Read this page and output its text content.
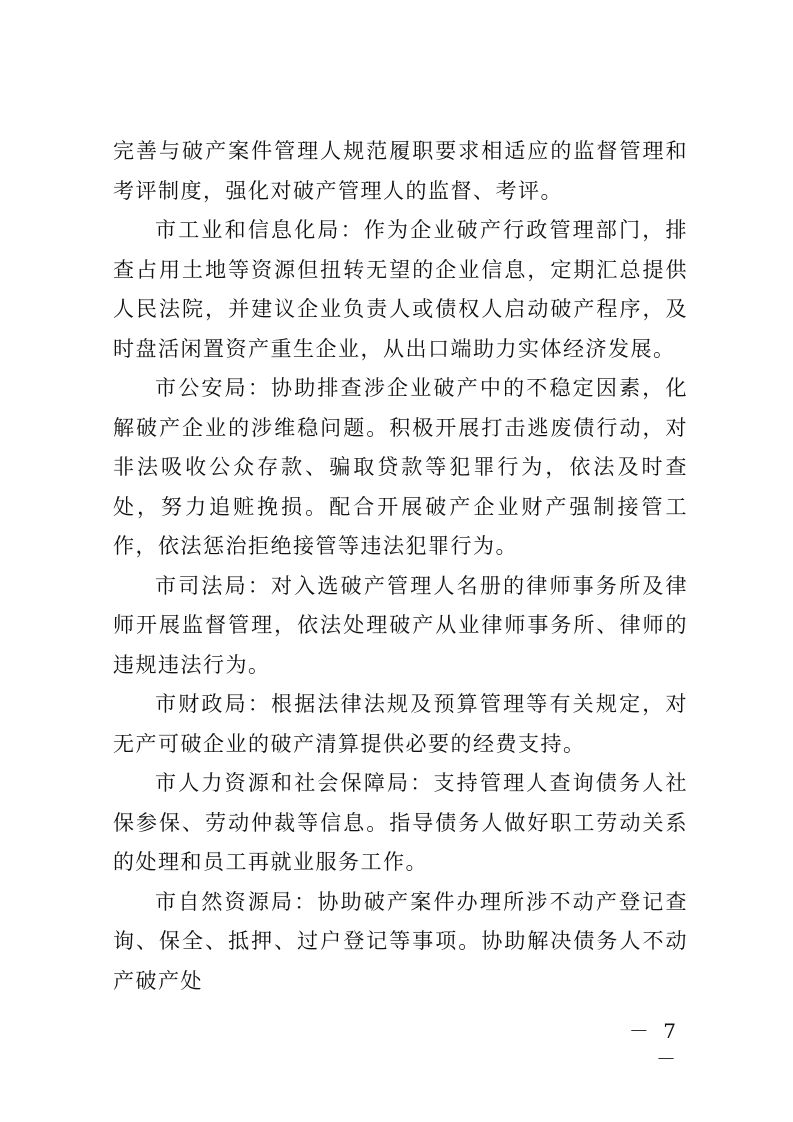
完善与破产案件管理人规范履职要求相适应的监督管理和考评制度，强化对破产管理人的监督、考评。

市工业和信息化局：作为企业破产行政管理部门，排查占用土地等资源但扭转无望的企业信息，定期汇总提供人民法院，并建议企业负责人或债权人启动破产程序，及时盘活闲置资产重生企业，从出口端助力实体经济发展。

市公安局：协助排查涉企业破产中的不稳定因素，化解破产企业的涉维稳问题。积极开展打击逃废债行动，对非法吸收公众存款、骗取贷款等犯罪行为，依法及时查处，努力追赃挽损。配合开展破产企业财产强制接管工作，依法惩治拒绝接管等违法犯罪行为。

市司法局：对入选破产管理人名册的律师事务所及律师开展监督管理，依法处理破产从业律师事务所、律师的违规违法行为。

市财政局：根据法律法规及预算管理等有关规定，对无产可破企业的破产清算提供必要的经费支持。

市人力资源和社会保障局：支持管理人查询债务人社保参保、劳动仲裁等信息。指导债务人做好职工劳动关系的处理和员工再就业服务工作。

市自然资源局：协助破产案件办理所涉不动产登记查询、保全、抵押、过户登记等事项。协助解决债务人不动产破产处

－ 7 －
